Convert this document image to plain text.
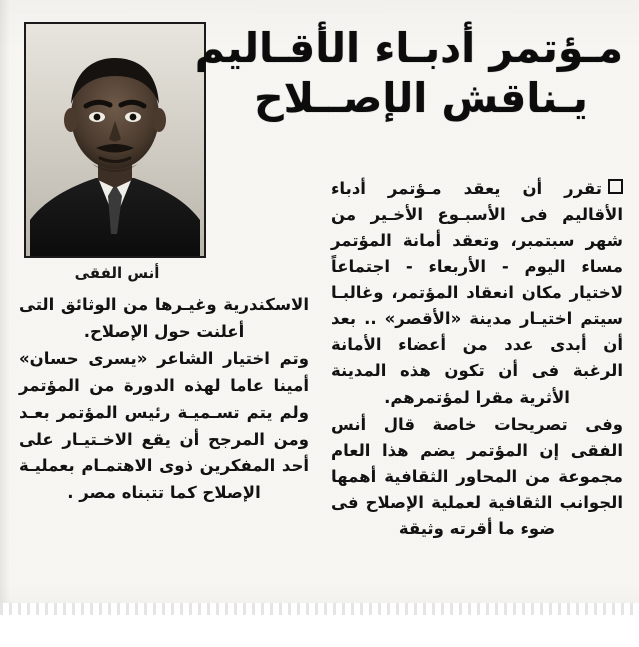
أنس الفقى
مـؤتمر أدبـاء الأقـاليم
يـناقش الإصــلاح

تقرر أن يعقد مـؤتمر أدباء الأقاليم فى الأسبـوع الأخـير من شهر سبتمبر، وتعقد أمانة المؤتمر مساء اليوم - الأربعاء - اجتماعاً لاختيار مكان انعقاد المؤتمر، وغالبـا سيتم اختيـار مدينة «الأقصر» .. بعد أن أبدى عدد من أعضاء الأمانة الرغبة فى أن تكون هذه المدينة الأثرية مقرا لمؤتمرهم.

وفى تصريحات خاصة قال أنس الفقى إن المؤتمر يضم هذا العام مجموعة من المحاور الثقافية أهمها الجوانب الثقافية لعملية الإصلاح فى ضوء ما أقرته وثيقة

الاسكندرية وغيـرها من الوثائق التى أعلنت حول الإصلاح.

وتم اختيار الشاعر «يسرى حسان» أمينا عاما لهذه الدورة من المؤتمر ولم يتم تسـميـة رئيس المؤتمر بعـد ومن المرجح أن يقع الاخـتيـار على أحد المفكرين ذوى الاهتمـام بعمليـة الإصلاح كما تتبناه مصر .
